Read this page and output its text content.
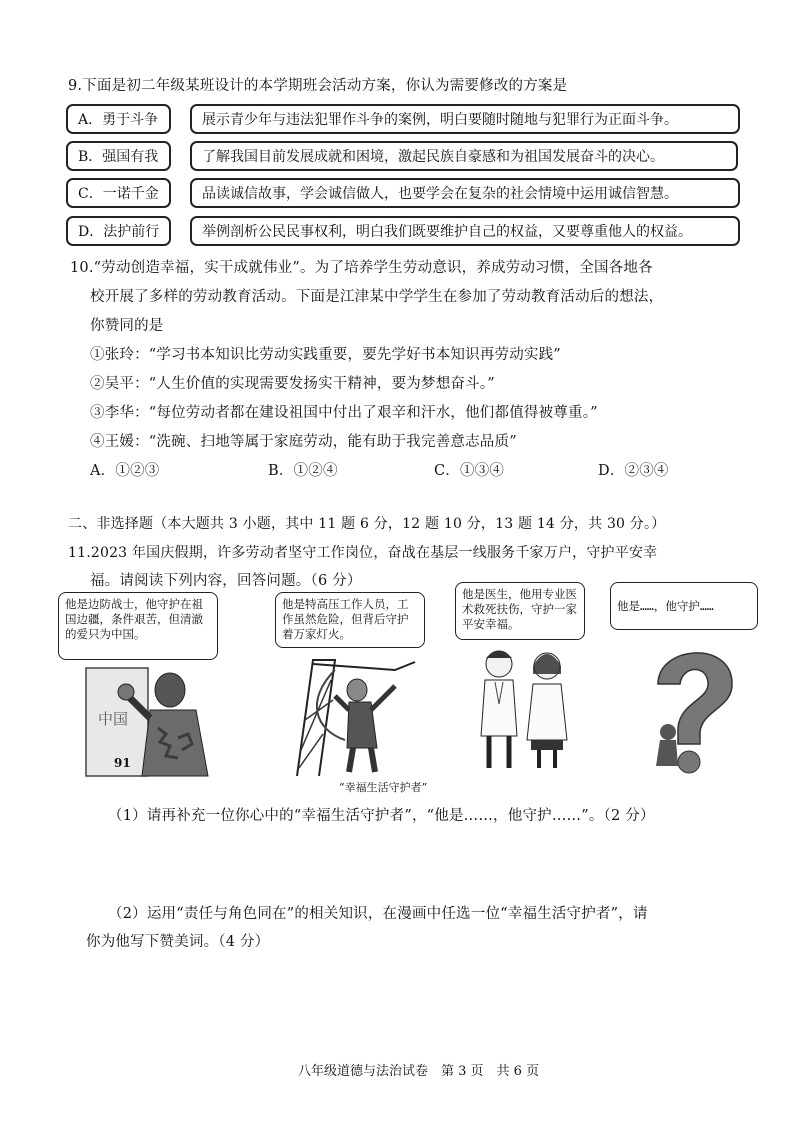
9.下面是初二年级某班设计的本学期班会活动方案，你认为需要修改的方案是
A．勇于斗争	展示青少年与违法犯罪作斗争的案例，明白要随时随地与犯罪行为正面斗争。
B．强国有我	了解我国目前发展成就和困境，激起民族自豪感和为祖国发展奋斗的决心。
C．一诺千金	品读诚信故事，学会诚信做人，也要学会在复杂的社会情境中运用诚信智慧。
D．法护前行	举例剖析公民民事权利，明白我们既要维护自己的权益，又要尊重他人的权益。
10.“劳动创造幸福，实干成就伟业”。为了培养学生劳动意识，养成劳动习惯，全国各地各
校开展了多样的劳动教育活动。下面是江津某中学学生在参加了劳动教育活动后的想法，
你赞同的是
①张玲：“学习书本知识比劳动实践重要，要先学好书本知识再劳动实践”
②吴平：“人生价值的实现需要发扬实干精神，要为梦想奋斗。”
③李华：“每位劳动者都在建设祖国中付出了艰辛和汗水，他们都值得被尊重。”
④王媛：“洗碗、扫地等属于家庭劳动，能有助于我完善意志品质”
A．①②③	B．①②④	C．①③④	D．②③④
二、非选择题（本大题共 3 小题，其中 11 题 6 分，12 题 10 分，13 题 14 分，共 30 分。）
11.2023 年国庆假期，许多劳动者坚守工作岗位，奋战在基层一线服务千家万户，守护平安幸
福。请阅读下列内容，回答问题。（6 分）
他是边防战士，他守护在祖国边疆，条件艰苦，但清澈的爱只为中国。
中国
91
他是特高压工作人员，工作虽然危险，但背后守护着万家灯火。
他是医生，他用专业医术救死扶伤，守护一家平安幸福。
他是……，他守护……
“幸福生活守护者”
（1）请再补充一位你心中的“幸福生活守护者”，“他是……，他守护……”。（2 分）
（2）运用“责任与角色同在”的相关知识，在漫画中任选一位“幸福生活守护者”，请
你为他写下赞美词。（4 分）
八年级道德与法治试卷　第 3 页　共 6 页
